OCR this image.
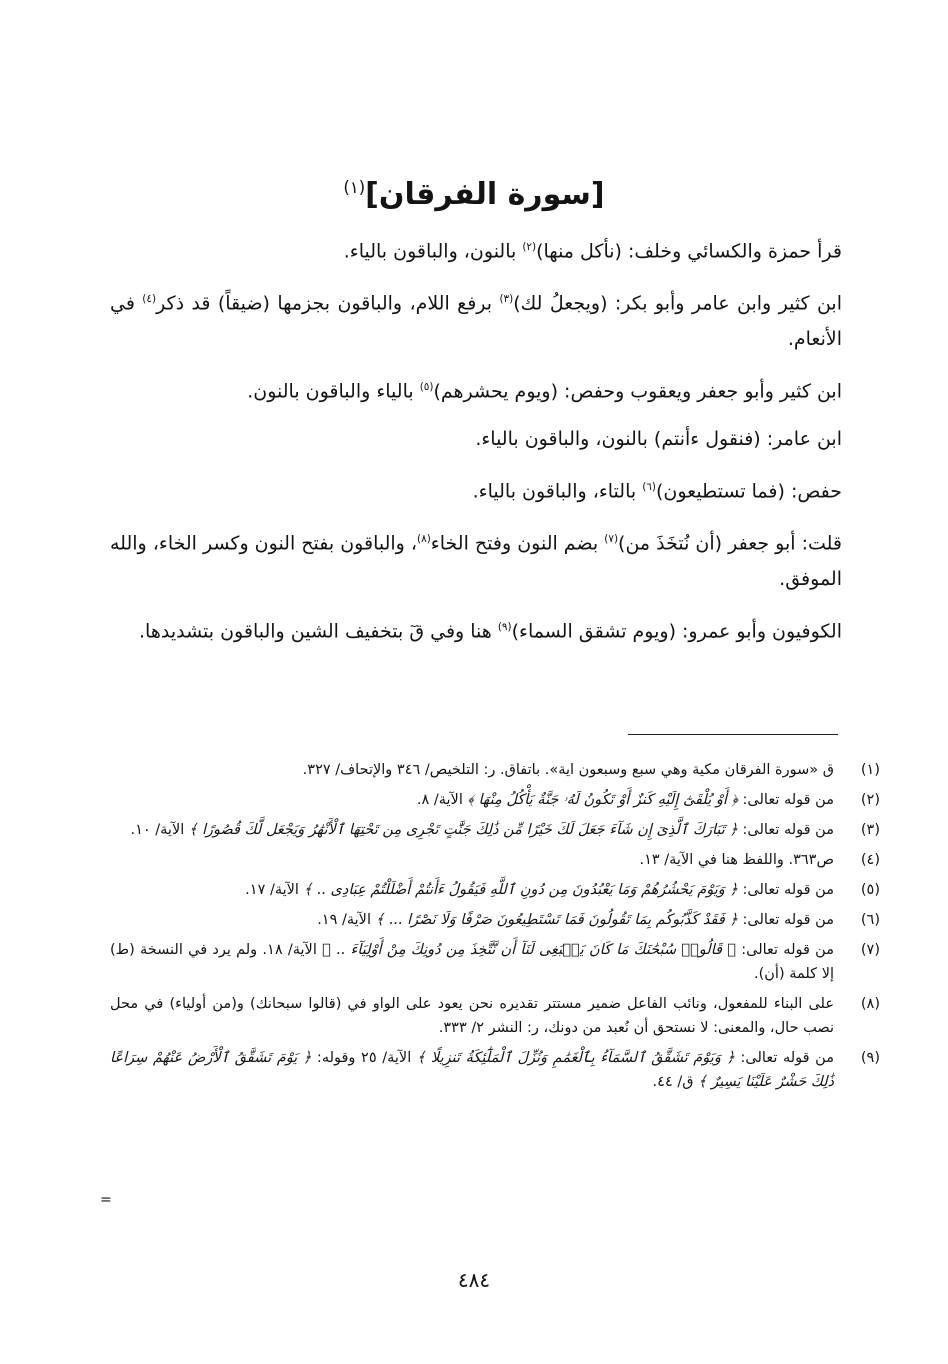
[سورة الفرقان]$^{(١)}$

قرأ حمزة والكسائي وخلف: (نأكل منها)$^{(٢)}$ بالنون، والباقون بالياء.

ابن كثير وابن عامر وأبو بكر: (ويجعلُ لك)$^{(٣)}$ برفع اللام، والباقون بجزمها (ضيقاً) قد ذكر$^{(٤)}$ في الأنعام.

ابن كثير وأبو جعفر ويعقوب وحفص: (ويوم يحشرهم)$^{(٥)}$ بالياء والباقون بالنون.

ابن عامر: (فنقول ءأنتم) بالنون، والباقون بالياء.

حفص: (فما تستطيعون)$^{(٦)}$ بالتاء، والباقون بالياء.

قلت: أبو جعفر (أن نُتخَذَ من)$^{(٧)}$ بضم النون وفتح الخاء$^{(٨)}$، والباقون بفتح النون وكسر الخاء، والله الموفق.

الكوفيون وأبو عمرو: (ويوم تشقق السماء)$^{(٩)}$ هنا وفي قٓ بتخفيف الشين والباقون بتشديدها.

(١)
ق «سورة الفرقان مكية وهي سبع وسبعون اية». باتفاق. ر: التلخيص/ ٣٤٦ والإتحاف/ ٣٢٧.
(٢)
من قوله تعالى: ﴿ أَوْ يُلْقَىٰٓ إِلَيْهِ كَنزٌ أَوْ تَكُونُ لَهُۥ جَنَّةٌ يَأْكُلُ مِنْهَا ﴾ الآية/ ٨.
(٣)
من قوله تعالى: ﴿ تَبَارَكَ ٱلَّذِىٓ إِن شَآءَ جَعَلَ لَكَ خَيْرًا مِّن ذَٰلِكَ جَنَّٰتٍ تَجْرِى مِن تَحْتِهَا ٱلْأَنْهَٰرُ وَيَجْعَل لَّكَ قُصُورًا ﴾ الآية/ ١٠.
(٤)
ص٣٦٣. واللفظ هنا في الآية/ ١٣.
(٥)
من قوله تعالى: ﴿ وَيَوْمَ يَحْشُرُهُمْ وَمَا يَعْبُدُونَ مِن دُونِ ٱللَّهِ فَيَقُولُ ءَأَنتُمْ أَضْلَلْتُمْ عِبَادِى .. ﴾ الآية/ ١٧.
(٦)
من قوله تعالى: ﴿ فَقَدْ كَذَّبُوكُم بِمَا تَقُولُونَ فَمَا تَسْتَطِيعُونَ صَرْفًا وَلَا نَصْرًا ... ﴾ الآية/ ١٩.
(٧)
من قوله تعالى: ﴿ قَالُوا۟ سُبْحَٰنَكَ مَا كَانَ يَنۢبَغِى لَنَآ أَن نَّتَّخِذَ مِن دُونِكَ مِنْ أَوْلِيَآءَ .. ﴾ الآية/ ١٨. ولم يرد في النسخة (ط) إلا كلمة (أن).
(٨)
على البناء للمفعول، ونائب الفاعل ضمير مستتر تقديره نحن يعود على الواو في (قالوا سبحانك) و(من أولياء) في محل نصب حال، والمعنى: لا نستحق أن نُعبد من دونك، ر: النشر ٢/ ٣٣٣.
(٩)
من قوله تعالى: ﴿ وَيَوْمَ تَشَقَّقُ ٱلسَّمَآءُ بِٱلْغَمَٰمِ وَنُزِّلَ ٱلْمَلَٰٓئِكَةُ تَنزِيلًا ﴾ الآية/ ٢٥ وقوله: ﴿ يَوْمَ تَشَقَّقُ ٱلْأَرْضُ عَنْهُمْ سِرَاعًا ذَٰلِكَ حَشْرٌ عَلَيْنَا يَسِيرٌ ﴾ ق/ ٤٤.
=
٤٨٤
